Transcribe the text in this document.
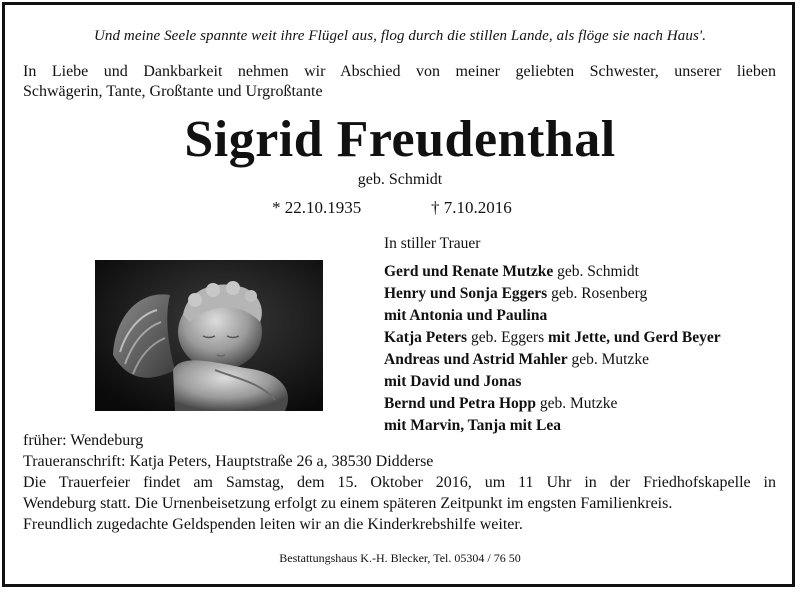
Und meine Seele spannte weit ihre Flügel aus, flog durch die stillen Lande, als flöge sie nach Haus'.
In Liebe und Dankbarkeit nehmen wir Abschied von meiner geliebten Schwester, unserer lieben
Schwägerin, Tante, Großtante und Urgroßtante
Sigrid Freudenthal
geb. Schmidt
* 22.10.1935	† 7.10.2016
In stiller Trauer
Gerd und Renate Mutzke geb. Schmidt
Henry und Sonja Eggers geb. Rosenberg
mit Antonia und Paulina
Katja Peters geb. Eggers mit Jette, und Gerd Beyer
Andreas und Astrid Mahler geb. Mutzke
mit David und Jonas
Bernd und Petra Hopp geb. Mutzke
mit Marvin, Tanja mit Lea
früher: Wendeburg
Traueranschrift: Katja Peters, Hauptstraße 26 a, 38530 Didderse
Die Trauerfeier findet am Samstag, dem 15. Oktober 2016, um 11 Uhr in der Friedhofskapelle in
Wendeburg statt. Die Urnenbeisetzung erfolgt zu einem späteren Zeitpunkt im engsten Familienkreis.
Freundlich zugedachte Geldspenden leiten wir an die Kinderkrebshilfe weiter.
Bestattungshaus K.-H. Blecker, Tel. 05304 / 76 50
